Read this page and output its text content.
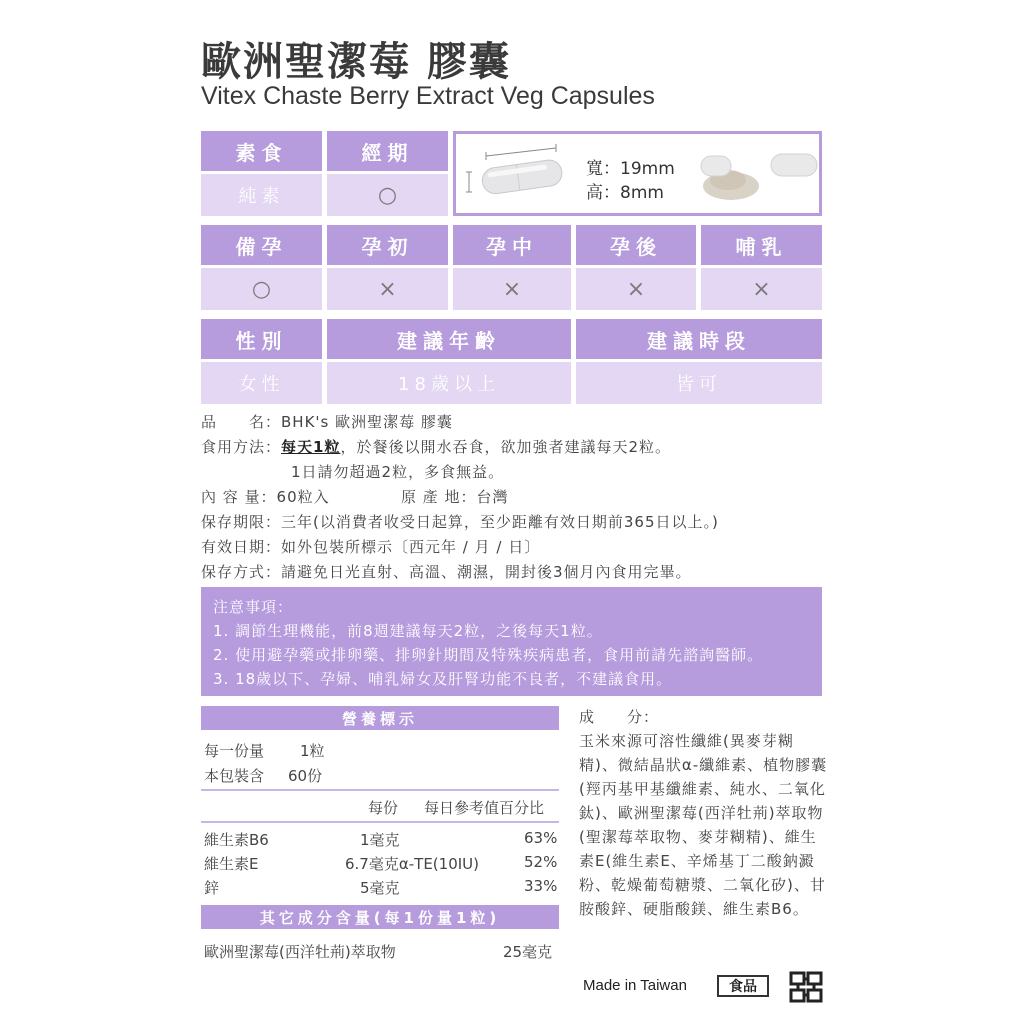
歐洲聖潔莓 膠囊
Vitex Chaste Berry Extract Veg Capsules
素食	經期
純素	○
寬：19mm
高：8mm
備孕	孕初	孕中	孕後	哺乳
○	×	×	×	×
性別	建議年齡	建議時段
女性	18歲以上	皆可
品　　名：BHK's 歐洲聖潔莓 膠囊
食用方法：每天1粒，於餐後以開水吞食，欲加強者建議每天2粒。
1日請勿超過2粒，多食無益。
內 容 量：60粒入	原 產 地：台灣
保存期限：三年(以消費者收受日起算，至少距離有效日期前365日以上。)
有效日期：如外包裝所標示〔西元年 / 月 / 日〕
保存方式：請避免日光直射、高溫、潮濕，開封後3個月內食用完畢。
注意事項：
1. 調節生理機能，前8週建議每天2粒，之後每天1粒。
2. 使用避孕藥或排卵藥、排卵針期間及特殊疾病患者，食用前請先諮詢醫師。
3. 18歲以下、孕婦、哺乳婦女及肝腎功能不良者，不建議食用。
營養標示
每一份量 1粒
本包裝含 60份
每份 每日參考值百分比
維生素B6	1毫克	63%
維生素E	6.7毫克α-TE(10IU)	52%
鋅	5毫克	33%
其它成分含量(每1份量1粒)
歐洲聖潔莓(西洋牡荊)萃取物	25毫克
成　　分：
玉米來源可溶性纖維(異麥芽糊精)、微結晶狀α-纖維素、植物膠囊(羥丙基甲基纖維素、純水、二氧化鈦)、歐洲聖潔莓(西洋牡荊)萃取物(聖潔莓萃取物、麥芽糊精)、維生素E(維生素E、辛烯基丁二酸鈉澱粉、乾燥葡萄糖漿、二氧化矽)、甘胺酸鋅、硬脂酸鎂、維生素B6。
Made in Taiwan	食品
